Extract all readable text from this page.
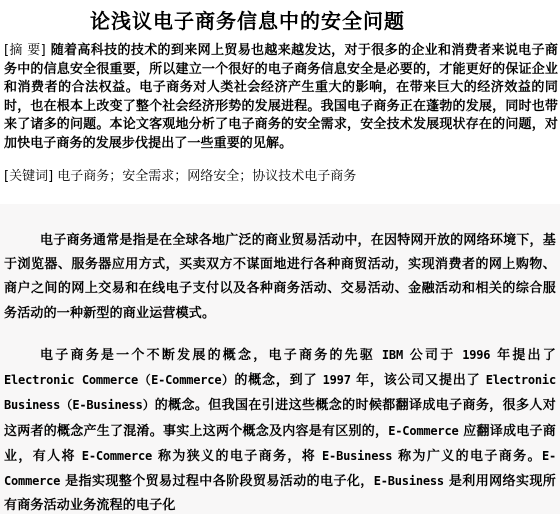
论浅议电子商务信息中的安全问题
[摘 要] 随着高科技的技术的到来网上贸易也越来越发达，对于很多的企业和消费者来说电子商务中的信息安全很重要，所以建立一个很好的电子商务信息安全是必要的，才能更好的保证企业和消费者的合法权益。电子商务对人类社会经济产生重大的影响，在带来巨大的经济效益的同时，也在根本上改变了整个社会经济形势的发展进程。我国电子商务正在蓬勃的发展，同时也带来了诸多的问题。本论文客观地分析了电子商务的安全需求，安全技术发展现状存在的问题，对加快电子商务的发展步伐提出了一些重要的见解。
[关键词] 电子商务；安全需求；网络安全；协议技术电子商务
电子商务通常是指是在全球各地广泛的商业贸易活动中，在因特网开放的网络环境下，基于浏览器、服务器应用方式，买卖双方不谋面地进行各种商贸活动，实现消费者的网上购物、商户之间的网上交易和在线电子支付以及各种商务活动、交易活动、金融活动和相关的综合服务活动的一种新型的商业运营模式。
电子商务是一个不断发展的概念，电子商务的先驱 IBM 公司于 1996 年提出了 Electronic Commerce（E-Commerce）的概念，到了 1997 年，该公司又提出了 Electronic Business（E-Business）的概念。但我国在引进这些概念的时候都翻译成电子商务，很多人对这两者的概念产生了混淆。事实上这两个概念及内容是有区别的，E-Commerce 应翻译成电子商业，有人将 E-Commerce 称为狭义的电子商务，将 E-Business 称为广义的电子商务。E-Commerce 是指实现整个贸易过程中各阶段贸易活动的电子化，E-Business 是利用网络实现所有商务活动业务流程的电子化
